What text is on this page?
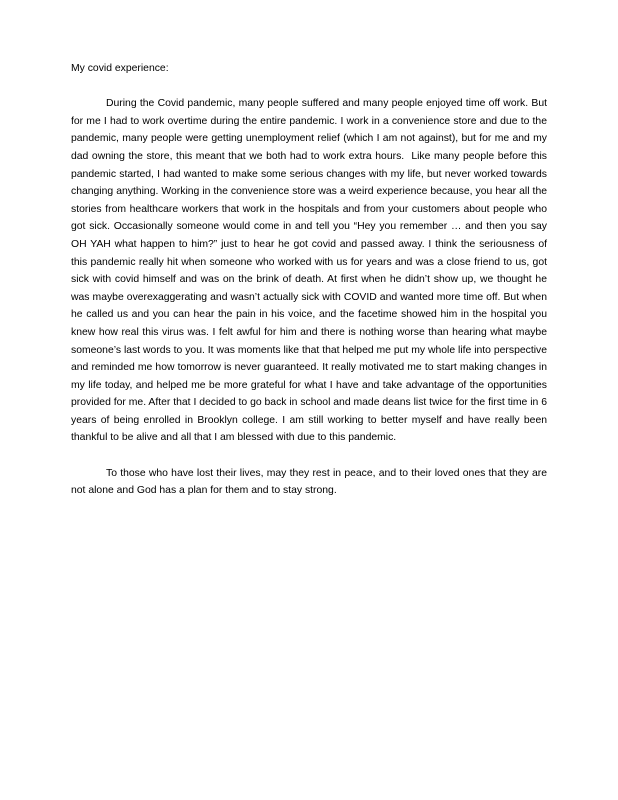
My covid experience:

During the Covid pandemic, many people suffered and many people enjoyed time off work. But for me I had to work overtime during the entire pandemic. I work in a convenience store and due to the pandemic, many people were getting unemployment relief (which I am not against), but for me and my dad owning the store, this meant that we both had to work extra hours.  Like many people before this pandemic started, I had wanted to make some serious changes with my life, but never worked towards changing anything. Working in the convenience store was a weird experience because, you hear all the stories from healthcare workers that work in the hospitals and from your customers about people who got sick. Occasionally someone would come in and tell you “Hey you remember … and then you say OH YAH what happen to him?” just to hear he got covid and passed away. I think the seriousness of this pandemic really hit when someone who worked with us for years and was a close friend to us, got sick with covid himself and was on the brink of death. At first when he didn’t show up, we thought he was maybe overexaggerating and wasn’t actually sick with COVID and wanted more time off. But when he called us and you can hear the pain in his voice, and the facetime showed him in the hospital you knew how real this virus was. I felt awful for him and there is nothing worse than hearing what maybe someone’s last words to you. It was moments like that that helped me put my whole life into perspective and reminded me how tomorrow is never guaranteed. It really motivated me to start making changes in my life today, and helped me be more grateful for what I have and take advantage of the opportunities provided for me. After that I decided to go back in school and made deans list twice for the first time in 6 years of being enrolled in Brooklyn college. I am still working to better myself and have really been thankful to be alive and all that I am blessed with due to this pandemic.

To those who have lost their lives, may they rest in peace, and to their loved ones that they are not alone and God has a plan for them and to stay strong.
